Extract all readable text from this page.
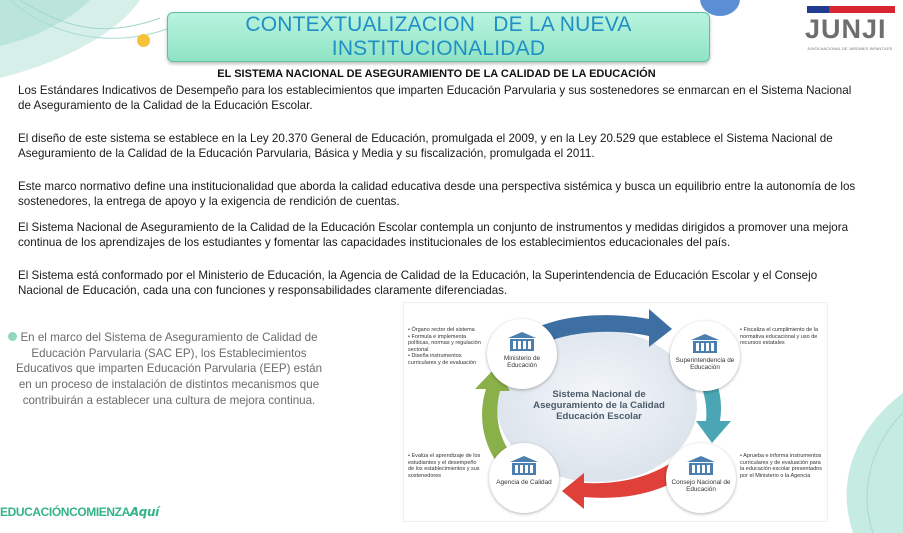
CONTEXTUALIZACION   DE LA NUEVA
INSTITUCIONALIDAD
JUNJI
JUNTA NACIONAL DE JARDINES INFANTILES
EL SISTEMA NACIONAL DE ASEGURAMIENTO DE LA CALIDAD DE LA EDUCACIÓN
Los Estándares Indicativos de Desempeño para los establecimientos que imparten Educación Parvularia y sus sostenedores se enmarcan en el Sistema Nacional de Aseguramiento de la Calidad de la Educación Escolar.
El diseño de este sistema se establece en la Ley 20.370 General de Educación, promulgada el 2009, y en la Ley 20.529 que establece el Sistema Nacional de Aseguramiento de la Calidad de la Educación Parvularia, Básica y Media y su fiscalización, promulgada el 2011.
Este marco normativo define una institucionalidad que aborda la calidad educativa desde una perspectiva sistémica y busca un equilibrio entre la autonomía de los sostenedores, la entrega de apoyo y la exigencia de rendición de cuentas.
El Sistema Nacional de Aseguramiento de la Calidad de la Educación Escolar contempla un conjunto de instrumentos y medidas dirigidos a promover una mejora continua de los aprendizajes de los estudiantes y fomentar las capacidades institucionales de los establecimientos educacionales del país.
El Sistema está conformado por el Ministerio de Educación, la Agencia de Calidad de la Educación, la Superintendencia de Educación Escolar y el Consejo Nacional de Educación, cada una con funciones y responsabilidades claramente diferenciadas.
En el marco del Sistema de Aseguramiento de Calidad de Educación Parvularia (SAC EP), los Establecimientos Educativos que imparten Educación Parvularia (EEP) están en un proceso de instalación de distintos mecanismos que contribuirán a establecer una cultura de mejora continua.
EDUCACIÓNCOMIENZAAquí
Sistema Nacional de Aseguramiento de la Calidad Educación Escolar
Ministerio de Educación
Superintendencia de Educación
Agencia de Calidad	Consejo Nacional de Educación
• Órgano rector del sistema
• Formula e implementa políticas, normas y regulación sectorial
• Diseña instrumentos curriculares y de evaluación
• Fiscaliza el cumplimiento de la normativa educacional y uso de recursos estatales
• Evalúa el aprendizaje de los estudiantes y el desempeño de los establecimientos y sus sostenedores
• Aprueba e informa instrumentos curriculares y de evaluación para la educación escolar presentados por el Ministerio o la Agencia
